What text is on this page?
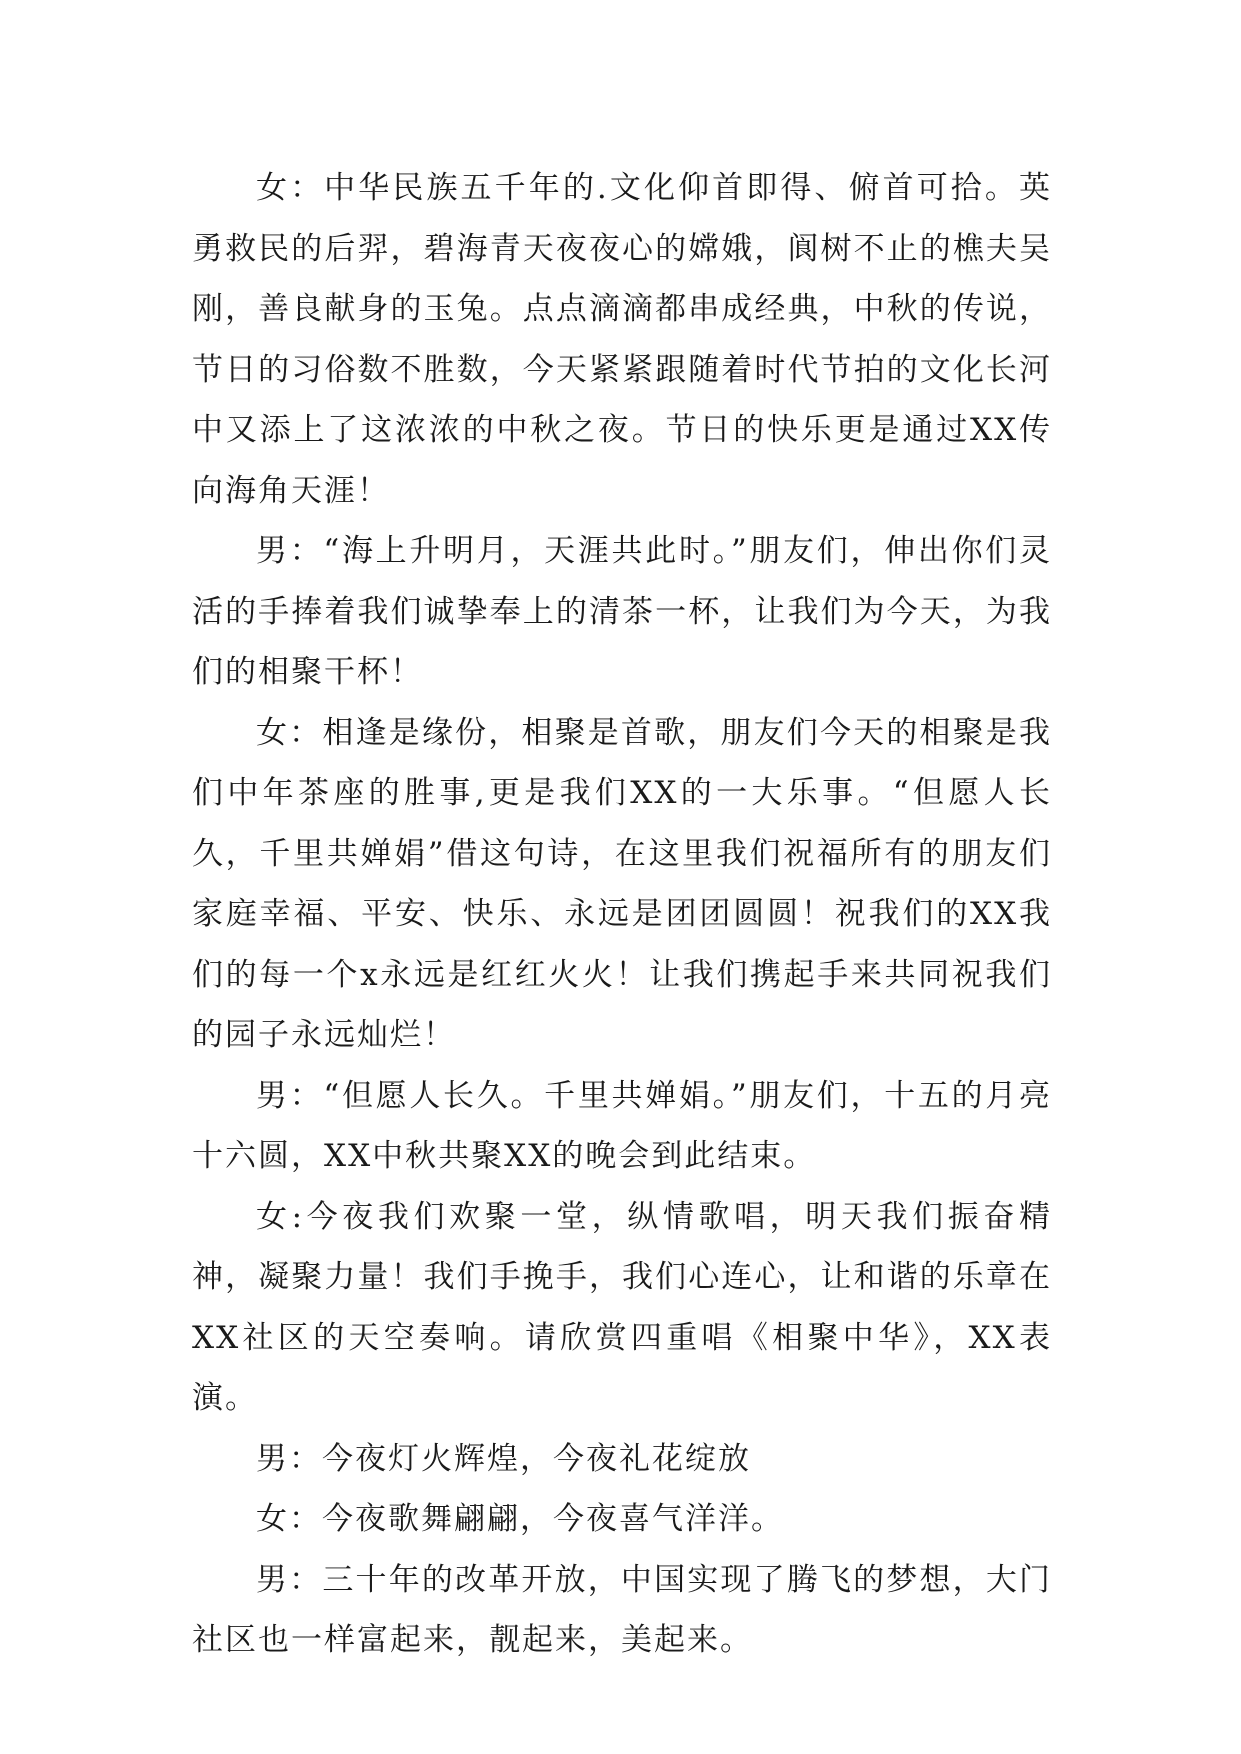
女：中华民族五千年的.文化仰首即得、俯首可拾。英勇救民的后羿，碧海青天夜夜心的嫦娥，阆树不止的樵夫吴刚，善良献身的玉兔。点点滴滴都串成经典，中秋的传说，节日的习俗数不胜数，今天紧紧跟随着时代节拍的文化长河中又添上了这浓浓的中秋之夜。节日的快乐更是通过XX传向海角天涯！

男：“海上升明月，天涯共此时。”朋友们，伸出你们灵活的手捧着我们诚挚奉上的清茶一杯，让我们为今天，为我们的相聚干杯！

女：相逢是缘份，相聚是首歌，朋友们今天的相聚是我们中年茶座的胜事,更是我们XX的一大乐事。“但愿人长久，千里共婵娟”借这句诗，在这里我们祝福所有的朋友们家庭幸福、平安、快乐、永远是团团圆圆！祝我们的XX我们的每一个x永远是红红火火！让我们携起手来共同祝我们的园子永远灿烂！

男：“但愿人长久。千里共婵娟。”朋友们，十五的月亮十六圆，XX中秋共聚XX的晚会到此结束。

女:今夜我们欢聚一堂，纵情歌唱，明天我们振奋精神，凝聚力量！我们手挽手，我们心连心，让和谐的乐章在XX社区的天空奏响。请欣赏四重唱《相聚中华》，XX表演。

男：今夜灯火辉煌，今夜礼花绽放

女：今夜歌舞翩翩，今夜喜气洋洋。

男：三十年的改革开放，中国实现了腾飞的梦想，大门社区也一样富起来，靓起来，美起来。
